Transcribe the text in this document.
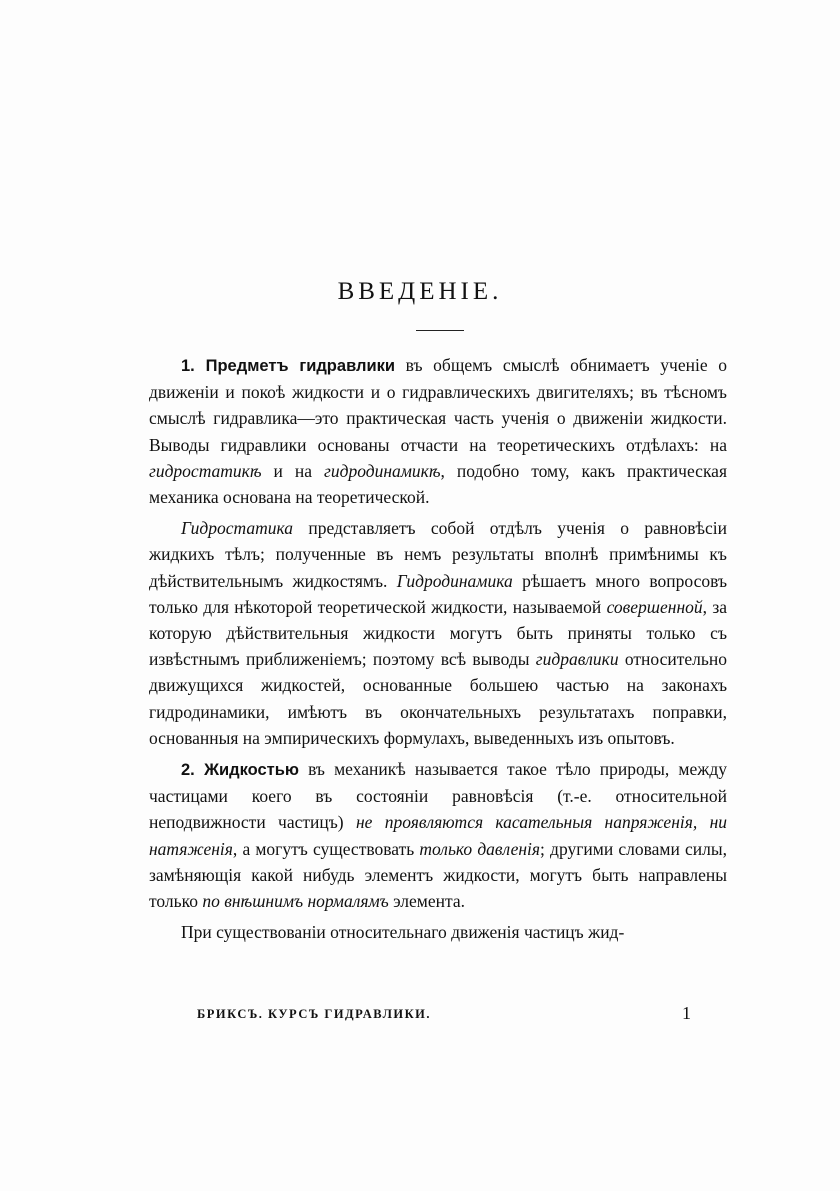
ВВЕДЕНІЕ.

1. Предметъ гидравлики въ общемъ смыслѣ обнимаетъ ученіе о движеніи и покоѣ жидкости и о гидравлическихъ двигителяхъ; въ тѣсномъ смыслѣ гидравлика—это практическая часть ученія о движеніи жидкости. Выводы гидравлики основаны отчасти на теоретическихъ отдѣлахъ: на гидростатикѣ и на гидродинамикѣ, подобно тому, какъ практическая механика основана на теоретической.

Гидростатика представляетъ собой отдѣлъ ученія о равновѣсіи жидкихъ тѣлъ; полученные въ немъ результаты вполнѣ примѣнимы къ дѣйствительнымъ жидкостямъ. Гидродинамика рѣшаетъ много вопросовъ только для нѣкоторой теоретической жидкости, называемой совершенной, за которую дѣйствительныя жидкости могутъ быть приняты только съ извѣстнымъ приближеніемъ; поэтому всѣ выводы гидравлики относительно движущихся жидкостей, основанные большею частью на законахъ гидродинамики, имѣютъ въ окончательныхъ результатахъ поправки, основанныя на эмпирическихъ формулахъ, выведенныхъ изъ опытовъ.

2. Жидкостью въ механикѣ называется такое тѣло природы, между частицами коего въ состояніи равновѣсія (т.-е. относительной неподвижности частицъ) не проявляются касательныя напряженія, ни натяженія, а могутъ существовать только давленія; другими словами силы, замѣняющія какой нибудь элементъ жидкости, могутъ быть направлены только по внѣшнимъ нормалямъ элемента.

При существованіи относительнаго движенія частицъ жид-

БРИКСЪ. КУРСЪ ГИДРАВЛИКИ.	1
